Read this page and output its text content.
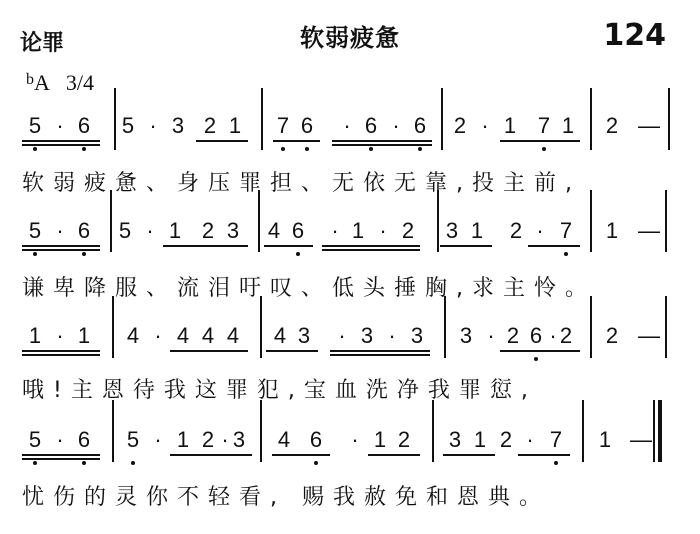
论罪	软弱疲惫	124
$^b$A 3/4
5 · 6 5 · 3 2 1 7 6 · 6 · 6 2 · 1 7 1 2 —
5 · 6 5 · 1 2 3 4 6 · 1 · 2 3 1 2 · 7 1 —
1 · 1 4 · 4 4 4 4 3 · 3 · 3 3 · 2 6 · 2 2 —
5 · 6 5 · 1 2 · 3 4 6 · 1 2 3 1 2 · 7 1 —
软弱疲惫、身压罪担、无依无靠,投主前,
谦卑降服、流泪吁叹、低头捶胸,求主怜。
哦!主恩待我这罪犯,宝血洗净我罪愆,
忧伤的灵你不轻看, 赐我赦免和恩典。
